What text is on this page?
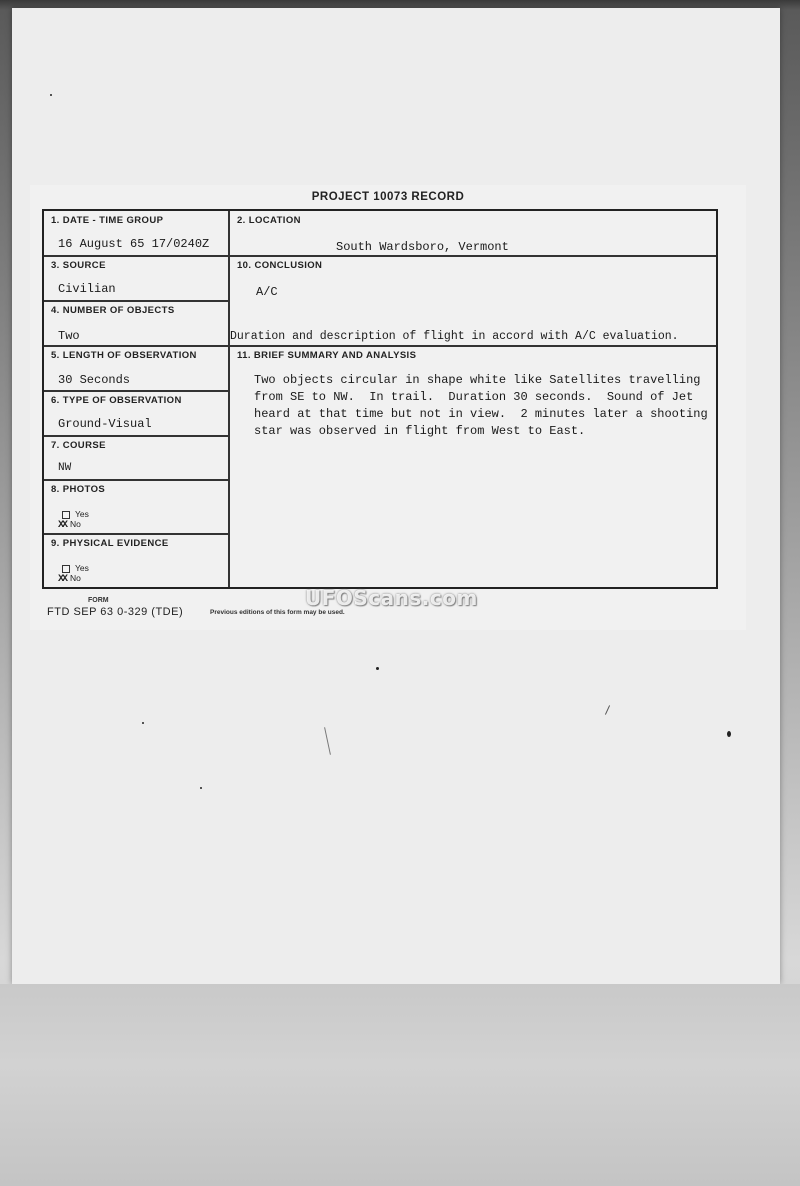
PROJECT 10073 RECORD
1. DATE - TIME GROUP
16 August 65 17/0240Z
2. LOCATION
South Wardsboro, Vermont
3. SOURCE
Civilian
10. CONCLUSION
A/C
Duration and description of flight in accord with A/C evaluation.
4. NUMBER OF OBJECTS
Two
5. LENGTH OF OBSERVATION
30 Seconds
11. BRIEF SUMMARY AND ANALYSIS
Two objects circular in shape white like Satellites travelling
from SE to NW.  In trail.  Duration 30 seconds.  Sound of Jet
heard at that time but not in view.  2 minutes later a shooting
star was observed in flight from West to East.
6. TYPE OF OBSERVATION
Ground-Visual
7. COURSE
NW
8. PHOTOS
Yes
XX No
9. PHYSICAL EVIDENCE
Yes
XX No
FORM
FTD SEP 63 0-329 (TDE)	Previous editions of this form may be used.
UFOScans.com
